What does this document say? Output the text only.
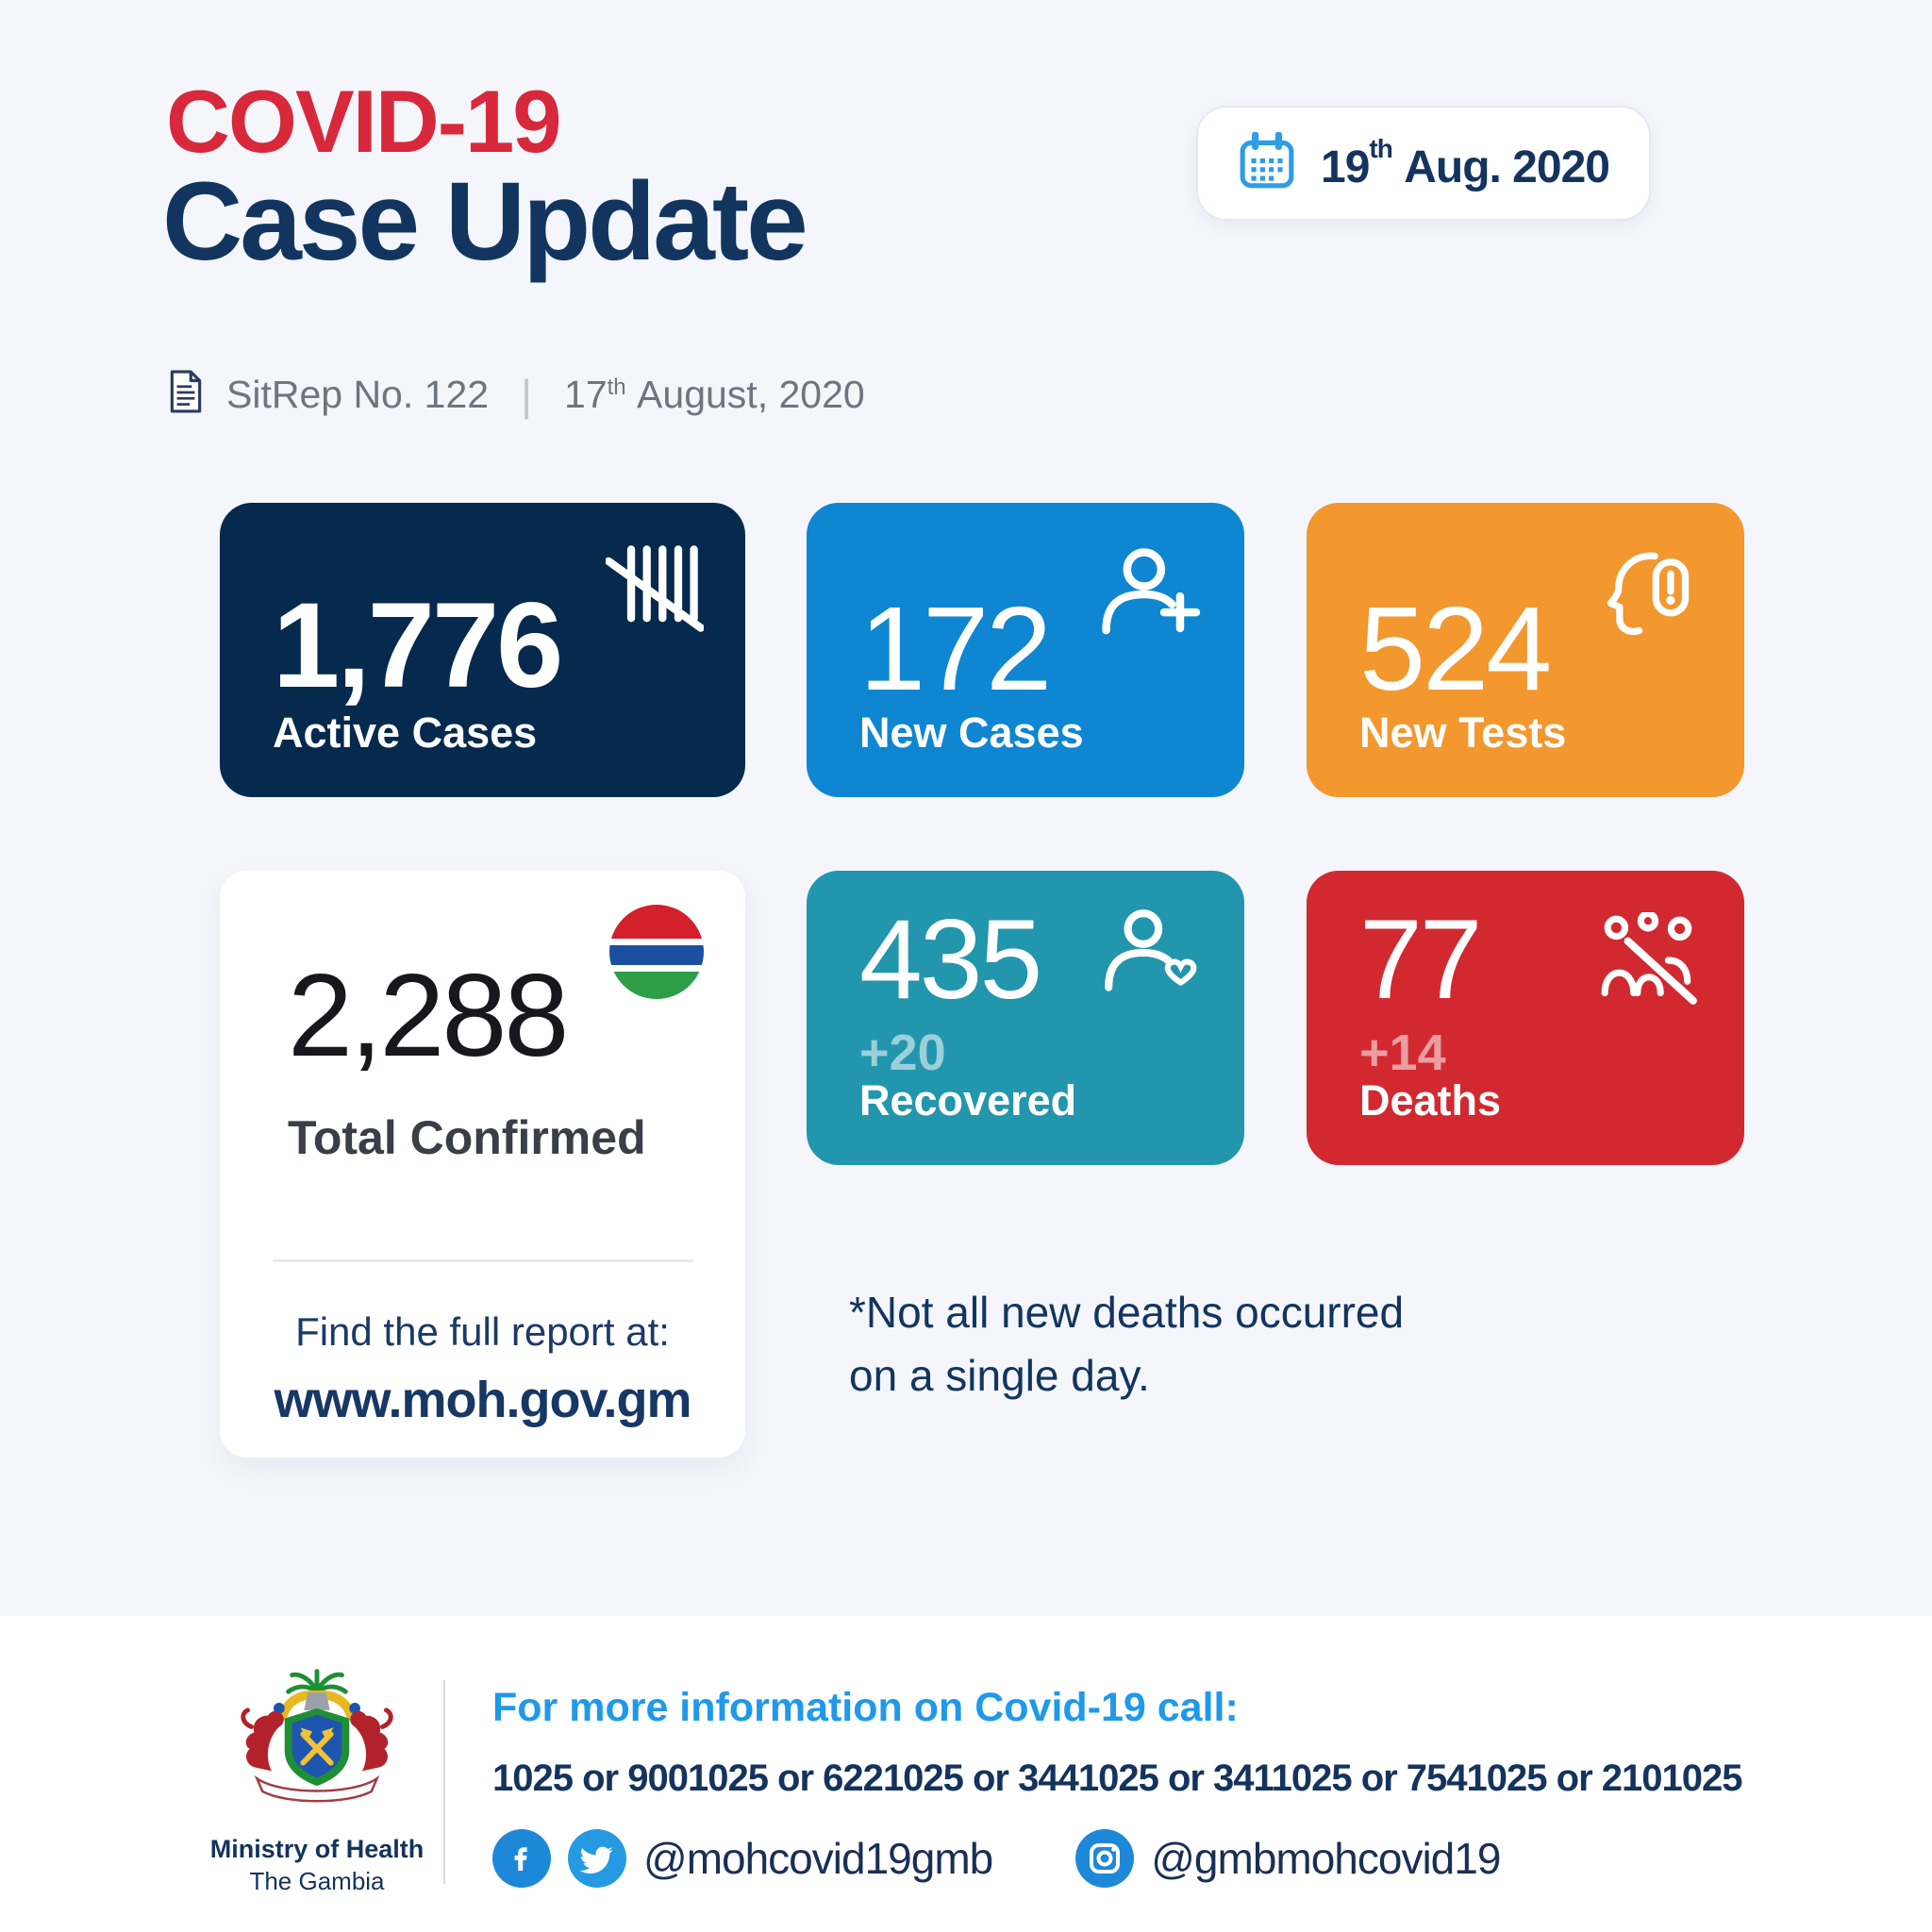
COVID-19
Case Update	19th Aug. 2020
SitRep No. 122 | 17th August, 2020
1,776
Active Cases
172
New Cases
524
New Tests
2,288
Total Confirmed
Find the full report at:
www.moh.gov.gm
435
+20
Recovered
77
+14
Deaths
*Not all new deaths occurred
on a single day.
Ministry of Health
The Gambia
For more information on Covid-19 call:
1025 or 9001025 or 6221025 or 3441025 or 3411025 or 7541025 or 2101025
@mohcovid19gmb	@gmbmohcovid19
